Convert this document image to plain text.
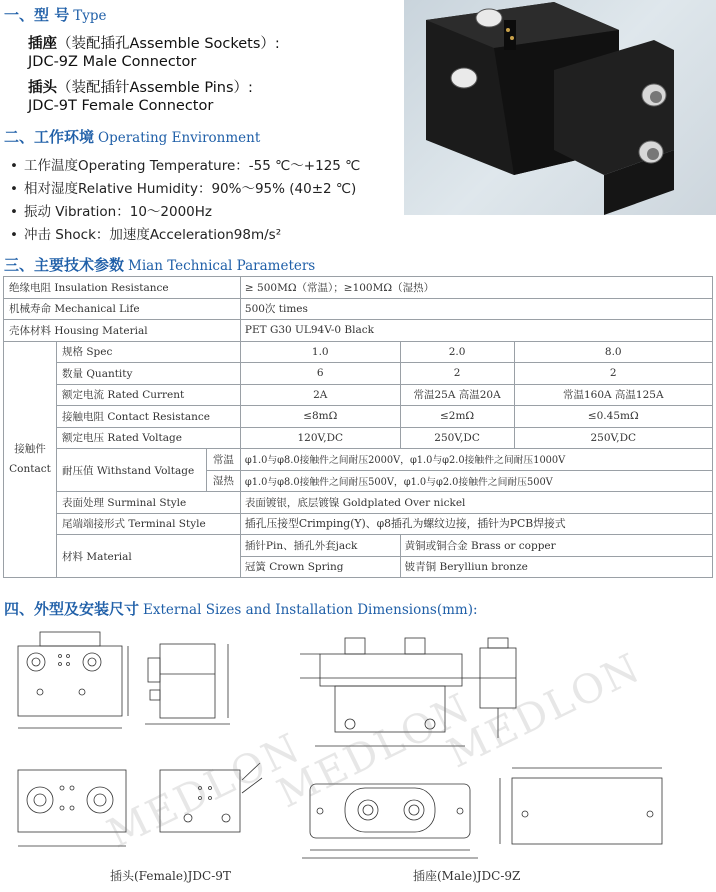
一、型 号 Type
插座（装配插孔Assemble Sockets）:
JDC-9Z Male Connector
插头（装配插针Assemble Pins）:
JDC-9T Female Connector
二、工作环境 Operating Environment
• 工作温度Operating Temperature：-55 ℃～+125 ℃
• 相对湿度Relative Humidity：90%～95% (40±2 ℃)
• 振动 Vibration：10～2000Hz
• 冲击 Shock：加速度Acceleration98m/s²
三、主要技术参数 Mian Technical Parameters
绝缘电阻 Insulation Resistance			≥ 500MΩ（常温）；≥100MΩ（湿热）		
机械寿命 Mechanical Life			500次 times		
壳体材料 Housing Material			PET G30 UL94V-0 Black		
接触件
Contact	规格 Spec		1.0	2.0	8.0
	数量 Quantity		6	2	2
	额定电流 Rated Current		2A	常温25A 高温20A	常温160A 高温125A
	接触电阻 Contact Resistance		≤8mΩ	≤2mΩ	≤0.45mΩ
	额定电压 Rated Voltage		120V,DC	250V,DC	250V,DC
	耐压值 Withstand Voltage	常温	φ1.0与φ8.0接触件之间耐压2000V，φ1.0与φ2.0接触件之间耐压1000V		
		湿热	φ1.0与φ8.0接触件之间耐压500V，φ1.0与φ2.0接触件之间耐压500V		
	表面处理 Surminal Style		表面镀银，底层镀镍 Goldplated Over nickel		
	尾端端接形式 Terminal Style		插孔压接型Crimping(Y)、φ8插孔为螺纹边接，插针为PCB焊接式		
	材料 Material		插针Pin、插孔外套jack	黄铜或铜合金 Brass or copper	
			冠簧 Crown Spring	铍青铜 Berylliun bronze	
四、外型及安装尺寸 External Sizes and Installation Dimensions(mm):
MEDLON
MEDLON
MEDLON
插头(Female)JDC-9T	插座(Male)JDC-9Z
